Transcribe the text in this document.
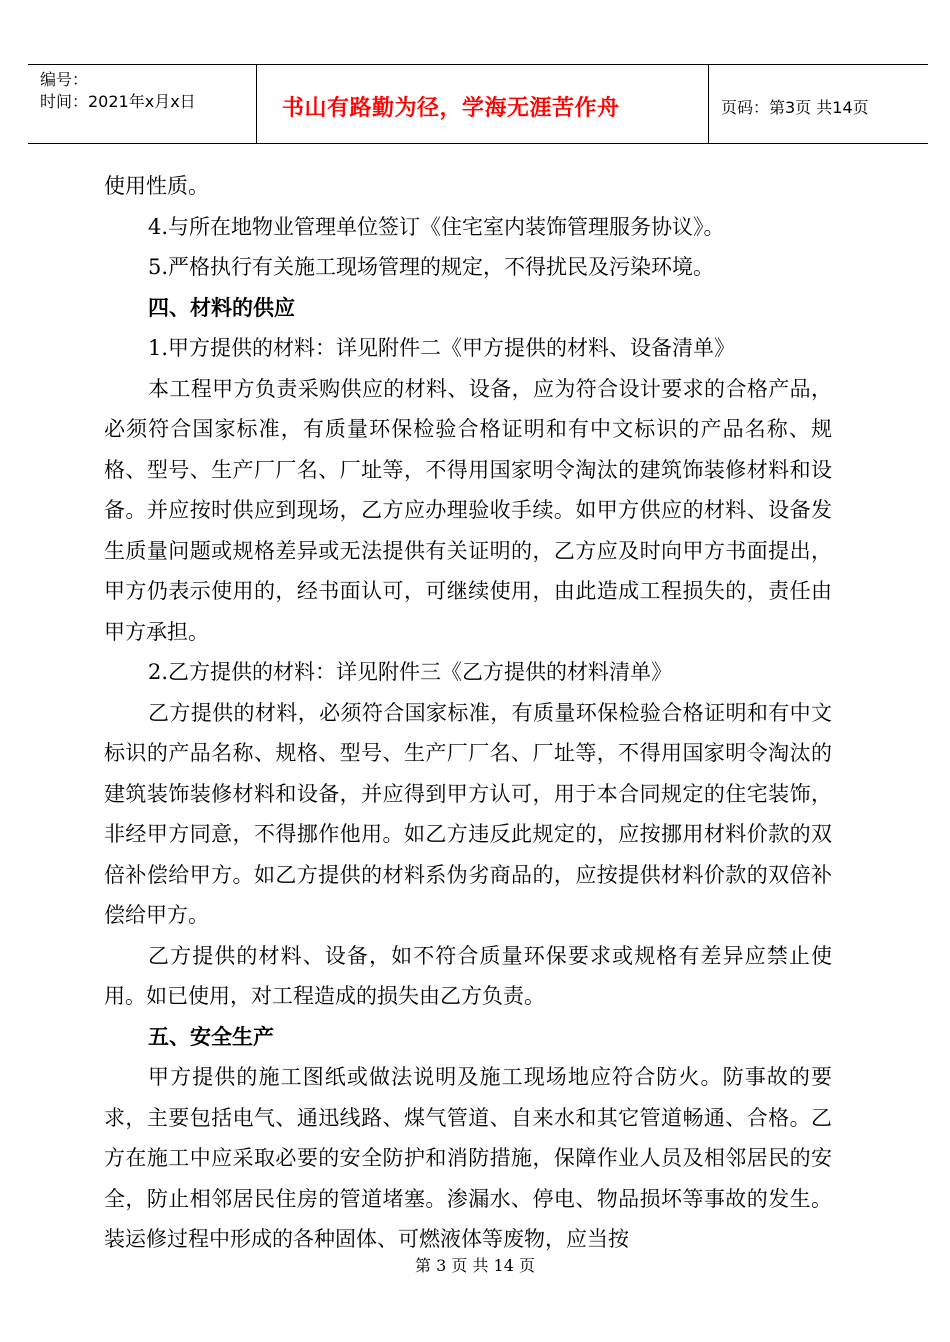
编号：
时间：2021年x月x日	书山有路勤为径，学海无涯苦作舟	页码：第3页 共14页

使用性质。

4.与所在地物业管理单位签订《住宅室内装饰管理服务协议》。

5.严格执行有关施工现场管理的规定，不得扰民及污染环境。

四、材料的供应

1.甲方提供的材料：详见附件二《甲方提供的材料、设备清单》

本工程甲方负责采购供应的材料、设备，应为符合设计要求的合格产品，必须符合国家标准，有质量环保检验合格证明和有中文标识的产品名称、规格、型号、生产厂厂名、厂址等，不得用国家明令淘汰的建筑饰装修材料和设备。并应按时供应到现场，乙方应办理验收手续。如甲方供应的材料、设备发生质量问题或规格差异或无法提供有关证明的，乙方应及时向甲方书面提出，甲方仍表示使用的，经书面认可，可继续使用，由此造成工程损失的，责任由甲方承担。

2.乙方提供的材料：详见附件三《乙方提供的材料清单》

乙方提供的材料，必须符合国家标准，有质量环保检验合格证明和有中文标识的产品名称、规格、型号、生产厂厂名、厂址等，不得用国家明令淘汰的建筑装饰装修材料和设备，并应得到甲方认可，用于本合同规定的住宅装饰，非经甲方同意，不得挪作他用。如乙方违反此规定的，应按挪用材料价款的双倍补偿给甲方。如乙方提供的材料系伪劣商品的，应按提供材料价款的双倍补偿给甲方。

乙方提供的材料、设备，如不符合质量环保要求或规格有差异应禁止使用。如已使用，对工程造成的损失由乙方负责。

五、安全生产

甲方提供的施工图纸或做法说明及施工现场地应符合防火。防事故的要求，主要包括电气、通迅线路、煤气管道、自来水和其它管道畅通、合格。乙方在施工中应采取必要的安全防护和消防措施，保障作业人员及相邻居民的安全，防止相邻居民住房的管道堵塞。渗漏水、停电、物品损坏等事故的发生。装运修过程中形成的各种固体、可燃液体等废物，应当按

第 3 页 共 14 页
